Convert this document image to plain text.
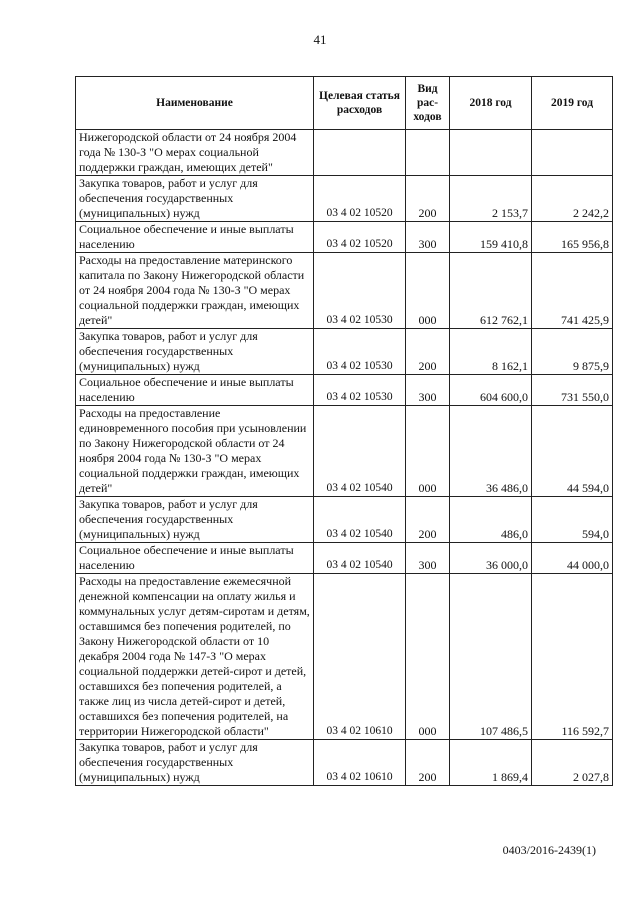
41
Наименование	Целевая статья расходов	Вид рас-ходов	2018 год	2019 год
Нижегородской области от 24 ноября 2004 года № 130-З "О мерах социальной поддержки граждан, имеющих детей"				
Закупка товаров, работ и услуг для обеспечения государственных (муниципальных) нужд	03 4 02 10520	200	2 153,7	2 242,2
Социальное обеспечение и иные выплаты населению	03 4 02 10520	300	159 410,8	165 956,8
Расходы на предоставление материнского капитала по Закону Нижегородской области от 24 ноября 2004 года № 130-З "О мерах социальной поддержки граждан, имеющих детей"	03 4 02 10530	000	612 762,1	741 425,9
Закупка товаров, работ и услуг для обеспечения государственных (муниципальных) нужд	03 4 02 10530	200	8 162,1	9 875,9
Социальное обеспечение и иные выплаты населению	03 4 02 10530	300	604 600,0	731 550,0
Расходы на предоставление единовременного пособия при усыновлении по Закону Нижегородской области от 24 ноября 2004 года № 130-З "О мерах социальной поддержки граждан, имеющих детей"	03 4 02 10540	000	36 486,0	44 594,0
Закупка товаров, работ и услуг для обеспечения государственных (муниципальных) нужд	03 4 02 10540	200	486,0	594,0
Социальное обеспечение и иные выплаты населению	03 4 02 10540	300	36 000,0	44 000,0
Расходы на предоставление ежемесячной денежной компенсации на оплату жилья и коммунальных услуг детям-сиротам и детям, оставшимся без попечения родителей, по Закону Нижегородской области от 10 декабря 2004 года № 147-З "О мерах социальной поддержки детей-сирот и детей, оставшихся без попечения родителей, а также лиц из числа детей-сирот и детей, оставшихся без попечения родителей, на территории Нижегородской области"	03 4 02 10610	000	107 486,5	116 592,7
Закупка товаров, работ и услуг для обеспечения государственных (муниципальных) нужд	03 4 02 10610	200	1 869,4	2 027,8
0403/2016-2439(1)
